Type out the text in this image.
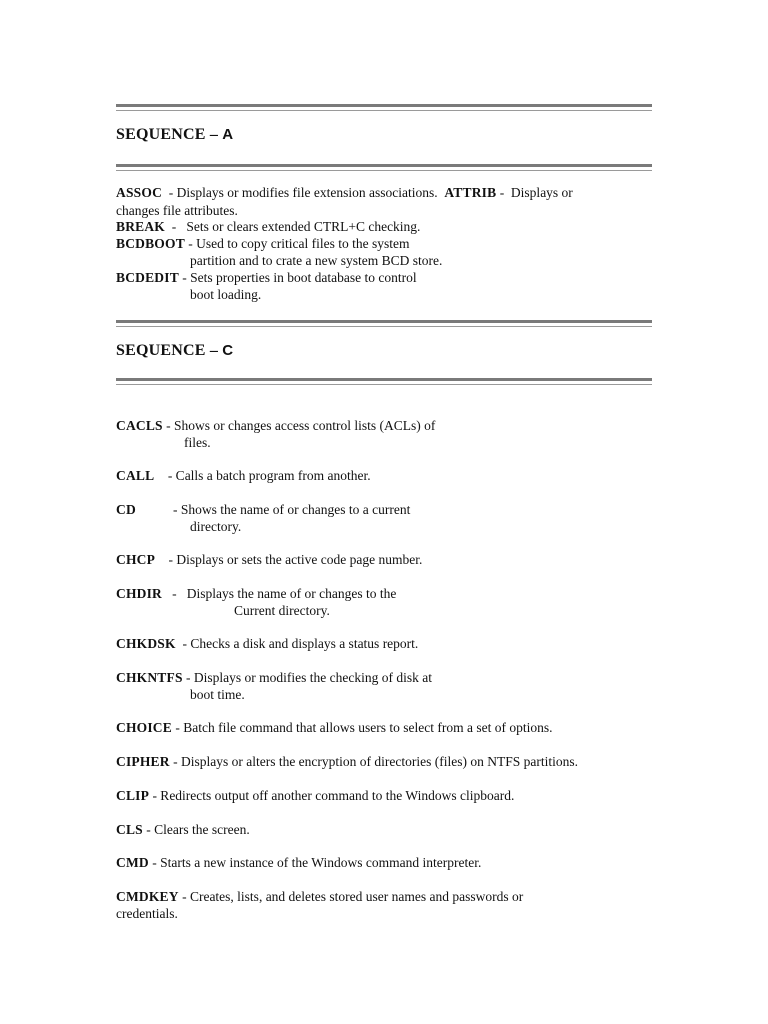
SEQUENCE – A
ASSOC  - Displays or modifies file extension associations.  ATTRIB -  Displays or
changes file attributes.
BREAK  -   Sets or clears extended CTRL+C checking.
BCDBOOT - Used to copy critical files to the system
partition and to crate a new system BCD store.
BCDEDIT - Sets properties in boot database to control
boot loading.
SEQUENCE – C
CACLS - Shows or changes access control lists (ACLs) of
files.
CALL    - Calls a batch program from another.
CD           - Shows the name of or changes to a current
directory.
CHCP    - Displays or sets the active code page number.
CHDIR   -   Displays the name of or changes to the
Current directory.
CHKDSK  - Checks a disk and displays a status report.
CHKNTFS - Displays or modifies the checking of disk at
boot time.
CHOICE - Batch file command that allows users to select from a set of options.
CIPHER - Displays or alters the encryption of directories (files) on NTFS partitions.
CLIP - Redirects output off another command to the Windows clipboard.
CLS - Clears the screen.
CMD - Starts a new instance of the Windows command interpreter.
CMDKEY - Creates, lists, and deletes stored user names and passwords or
credentials.
